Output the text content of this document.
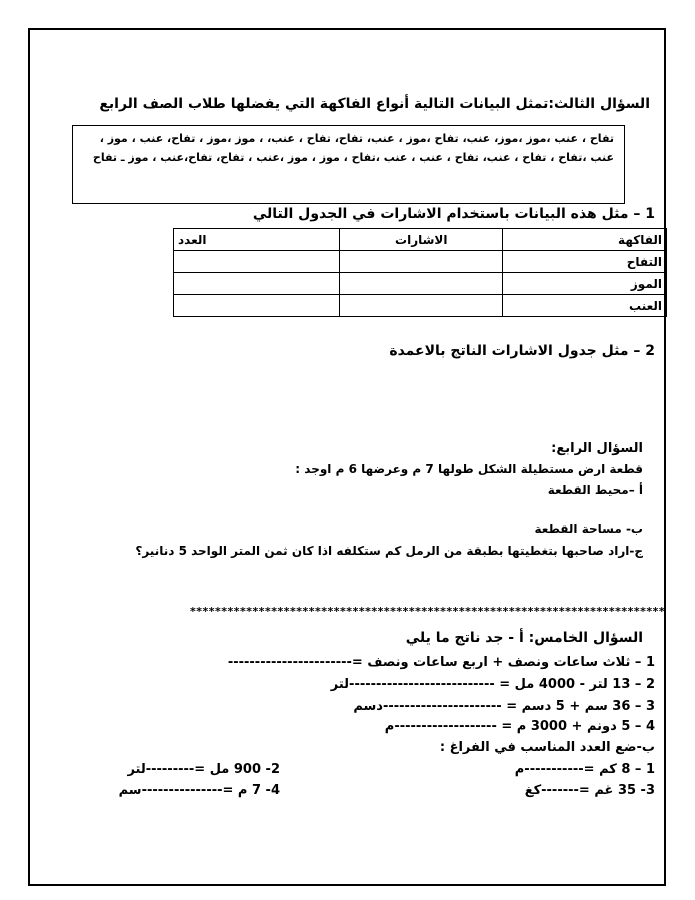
السؤال الثالث:تمثل البيانات التالية أنواع الفاكهة التي يفضلها طلاب الصف الرابع
تفاح ، عنب ،موز ،موز، عنب، تفاح ،موز ، عنب، تفاح، تفاح ، عنب، ، موز ،موز ، تفاح، عنب ، موز ،
عنب ،تفاح ، تفاح ، عنب، تفاح ، عنب ، عنب ،تفاح ، موز ، موز ،عنب ، تفاح، تفاح،عنب ، موز ـ تفاح
1 – مثل هذه البيانات باستخدام الاشارات في الجدول التالي
الفاكهة	الاشارات	العدد
التفاح		
الموز		
العنب		
2 – مثل جدول الاشارات الناتج بالاعمدة
السؤال الرابع:
قطعة ارض مستطيلة الشكل طولها 7 م وعرضها 6 م اوجد :
أ –محيط القطعة
ب- مساحة القطعة
ج-اراد صاحبها بتغطيتها بطبقة من الرمل كم ستكلفه اذا كان ثمن المتر الواحد 5 دنانير؟
****************************************************************************
السؤال الخامس: أ - جد ناتج ما يلي
1 – ثلاث ساعات ونصف + اربع ساعات ونصف =-----------------------
2 – 13 لتر - 4000 مل = ---------------------------لتر
3 – 36 سم + 5 دسم = ----------------------دسم
4 – 5 دونم + 3000 م = -------------------م
ب-ضع العدد المناسب في الفراغ :
1 – 8 كم =-----------م
2- 900 مل =---------لتر
3- 35 غم =-------كغ
4- 7 م =---------------سم
